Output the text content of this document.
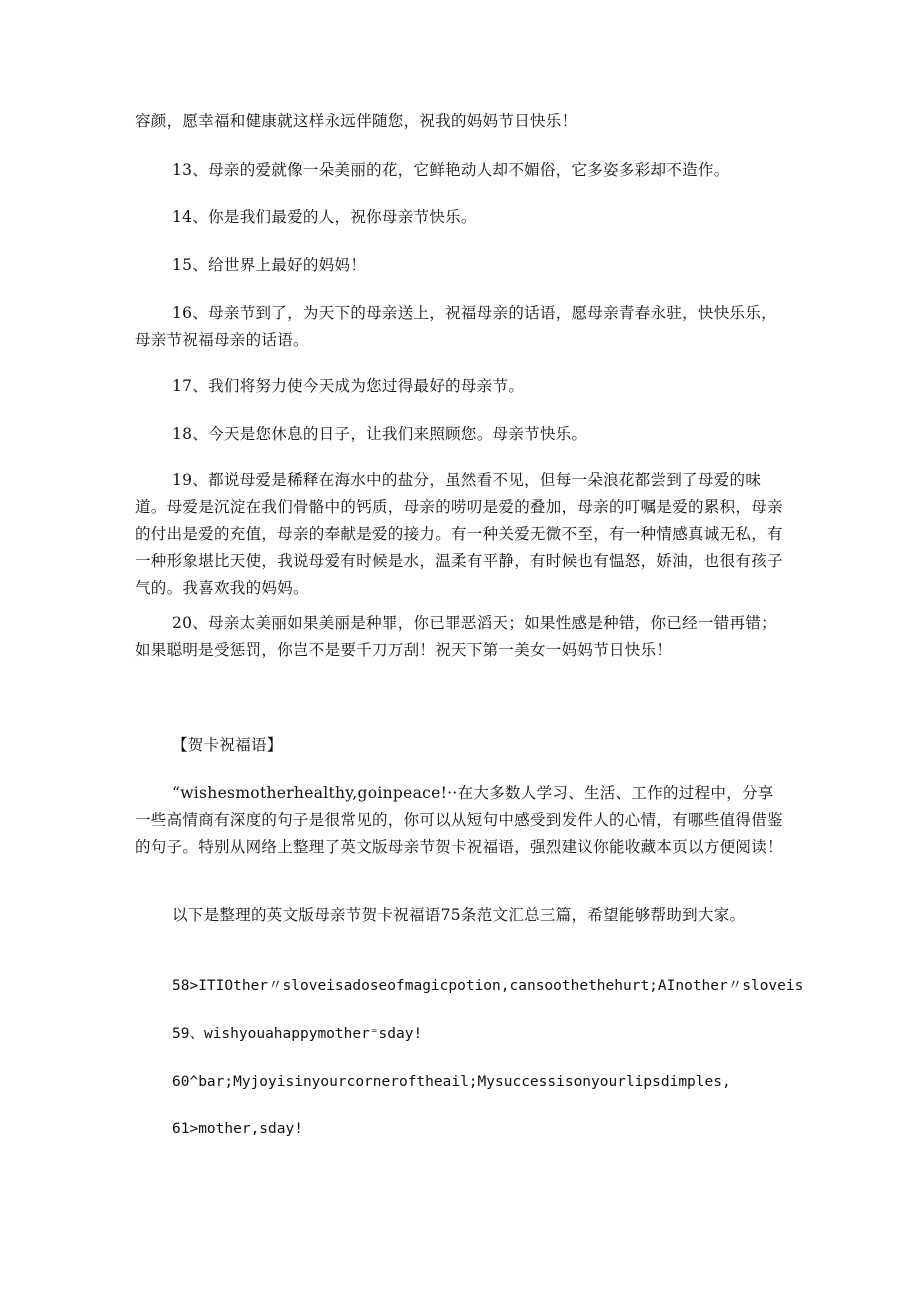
容颜，愿幸福和健康就这样永远伴随您，祝我的妈妈节日快乐！

13、母亲的爱就像一朵美丽的花，它鲜艳动人却不媚俗，它多姿多彩却不造作。

14、你是我们最爱的人，祝你母亲节快乐。

15、给世界上最好的妈妈！

16、母亲节到了，为天下的母亲送上，祝福母亲的话语，愿母亲青春永驻，快快乐乐，母亲节祝福母亲的话语。

17、我们将努力使今天成为您过得最好的母亲节。

18、今天是您休息的日子，让我们来照顾您。母亲节快乐。

19、都说母爱是稀释在海水中的盐分，虽然看不见，但每一朵浪花都尝到了母爱的味道。母爱是沉淀在我们骨骼中的钙质，母亲的唠叨是爱的叠加，母亲的叮嘱是爱的累积，母亲的付出是爱的充值，母亲的奉献是爱的接力。有一种关爱无微不至，有一种情感真诚无私，有一种形象堪比天使，我说母爱有时候是水，温柔有平静，有时候也有愠怒，娇油，也很有孩子气的。我喜欢我的妈妈。

20、母亲太美丽如果美丽是种罪，你已罪恶滔天；如果性感是种错，你已经一错再错；如果聪明是受惩罚，你岂不是要千刀万刮！祝天下第一美女一妈妈节日快乐！

【贺卡祝福语】

“wishesmotherhealthy,goinpeace!··在大多数人学习、生活、工作的过程中，分享一些高情商有深度的句子是很常见的，你可以从短句中感受到发件人的心情，有哪些值得借鉴的句子。特别从网络上整理了英文版母亲节贺卡祝福语，强烈建议你能收藏本页以方便阅读！

以下是整理的英文版母亲节贺卡祝福语75条范文汇总三篇，希望能够帮助到大家。

58>ITIOther〃sloveisadoseofmagicpotion,cansoothethehurt;AInother〃sloveis

59、wishyouahappymother⁼sday!

60^bar;Myjoyisinyourcorneroftheail;Mysuccessisonyourlipsdimples,

61>mother,sday!
